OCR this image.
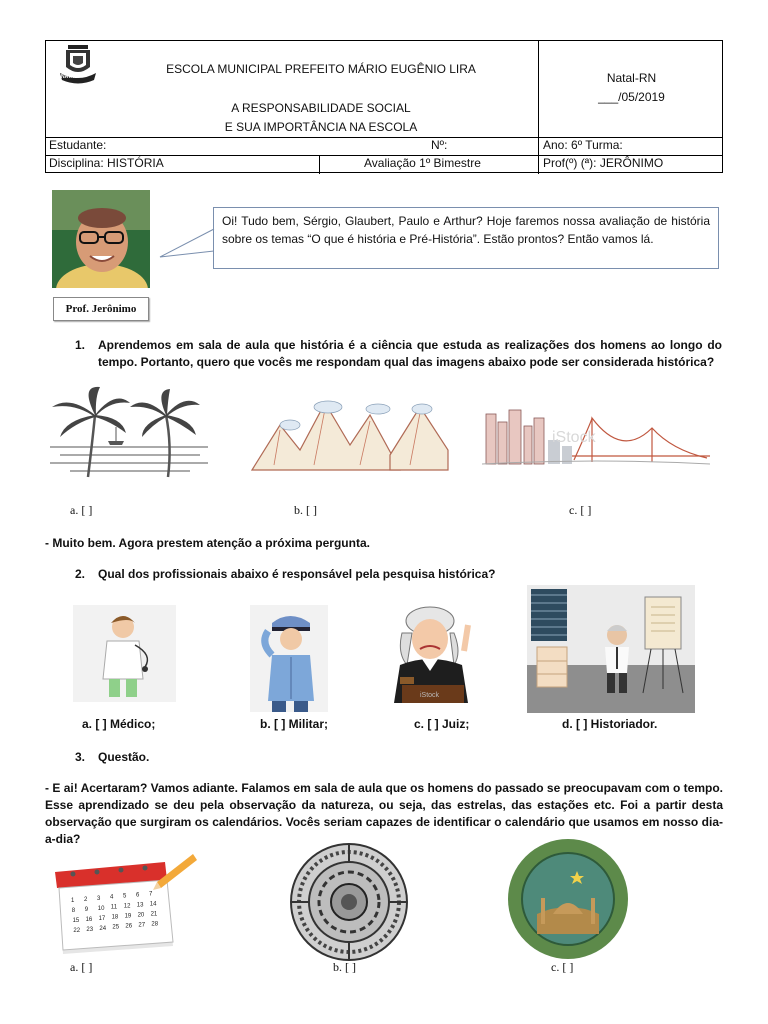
NATAL
ESCOLA MUNICIPAL PREFEITO MÁRIO EUGÊNIO LIRA
A RESPONSABILIDADE SOCIAL
E SUA IMPORTÂNCIA NA ESCOLA
Natal-RN
___/05/2019
Estudante:	Nº:	Ano: 6º Turma:
Disciplina: HISTÓRIA	Avaliação 1º Bimestre	Prof(º) (ª): JERÔNIMO
Oi! Tudo bem, Sérgio, Glaubert, Paulo e Arthur? Hoje faremos nossa avaliação de história sobre os temas “O que é história e Pré-História”. Estão prontos? Então vamos lá.
Prof. Jerônimo
1. Aprendemos em sala de aula que história é a ciência que estuda as realizações dos homens ao longo do tempo. Portanto, quero que vocês me respondam qual das imagens abaixo pode ser considerada histórica?
iStock
a. [ ]	b. [ ]	c. [ ]
- Muito bem. Agora prestem atenção a próxima pergunta.
2. Qual dos profissionais abaixo é responsável pela pesquisa histórica?
iStock
a. [ ] Médico;	b. [ ] Militar;	c. [ ] Juiz;	d. [ ] Historiador.
3. Questão.
- E ai! Acertaram? Vamos adiante. Falamos em sala de aula que os homens do passado se preocupavam com o tempo. Esse aprendizado se deu pela observação da natureza, ou seja, das estrelas, das estações etc. Foi a partir desta observação que surgiram os calendários. Vocês seriam capazes de identificar o calendário que usamos em nosso dia-a-dia?
1 2 3 4 5 6 7
8 9 10 11 12 13 14
15 16 17 18 19 20 21
22 23 24 25 26 27 28
a. [ ]	b. [ ]	c. [ ]
